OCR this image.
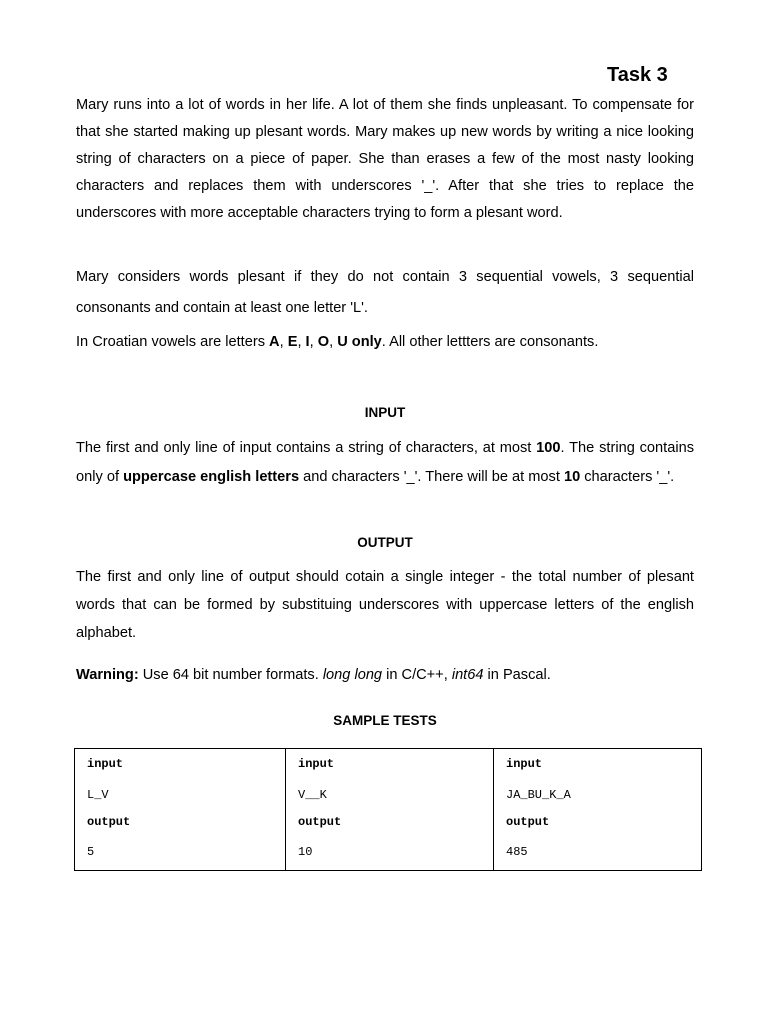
Task 3

Mary runs into a lot of words in her life. A lot of them she finds unpleasant. To compensate for that she started making up plesant words. Mary makes up new words by writing a nice looking string of characters on a piece of paper. She than erases a few of the most nasty looking characters and replaces them with underscores '_'. After that she tries to replace the underscores with more acceptable characters trying to form a plesant word.

Mary considers words plesant if they do not contain 3 sequential vowels, 3 sequential consonants and contain at least one letter 'L'.

In Croatian vowels are letters A, E, I, O, U only. All other lettters are consonants.

INPUT

The first and only line of input contains a string of characters, at most 100. The string contains only of uppercase english letters and characters '_'. There will be at most 10 characters '_'.

OUTPUT

The first and only line of output should cotain a single integer - the total number of plesant words that can be formed by substituing underscores with uppercase letters of the english alphabet.

Warning: Use 64 bit number formats. long long in C/C++, int64 in Pascal.

SAMPLE TESTS
input
L_V
output
5

input
V__K
output
10

input
JA_BU_K_A
output
485
